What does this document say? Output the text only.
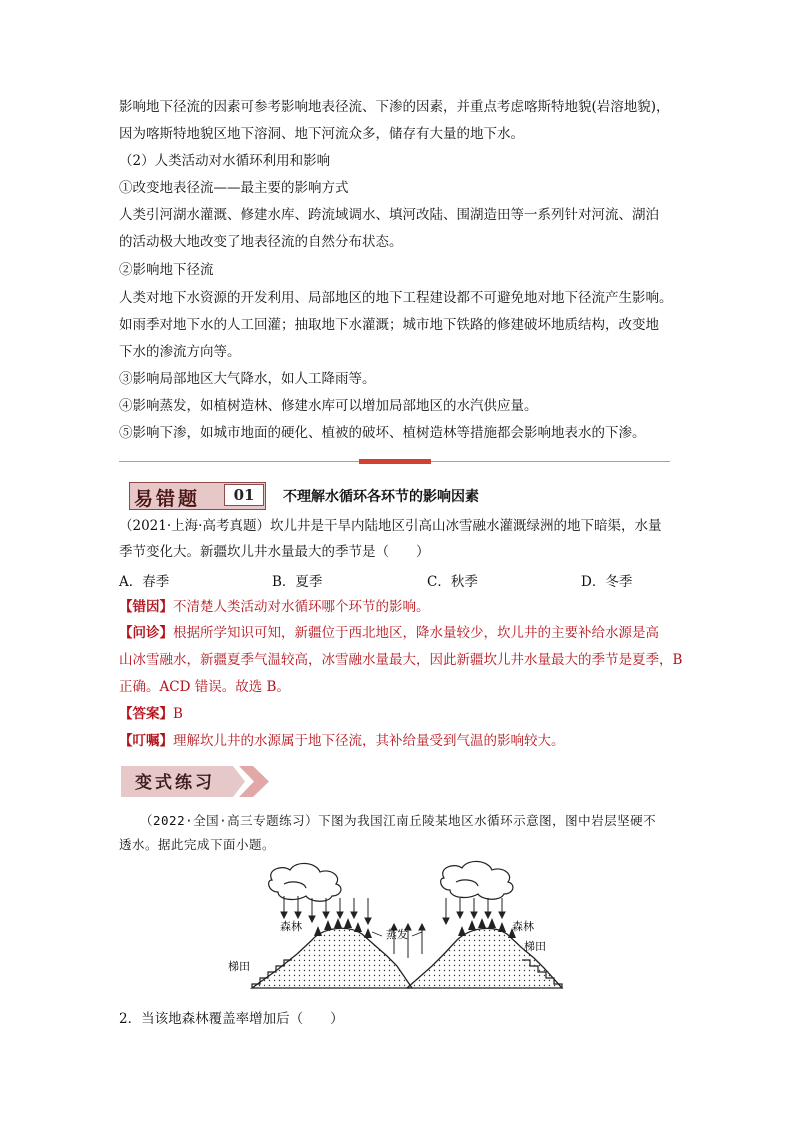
影响地下径流的因素可参考影响地表径流、下渗的因素，并重点考虑喀斯特地貌(岩溶地貌)，
因为喀斯特地貌区地下溶洞、地下河流众多，储存有大量的地下水。
（2）人类活动对水循环利用和影响
①改变地表径流——最主要的影响方式
人类引河湖水灌溉、修建水库、跨流域调水、填河改陆、围湖造田等一系列针对河流、湖泊
的活动极大地改变了地表径流的自然分布状态。
②影响地下径流
人类对地下水资源的开发利用、局部地区的地下工程建设都不可避免地对地下径流产生影响。
如雨季对地下水的人工回灌；抽取地下水灌溉；城市地下铁路的修建破坏地质结构，改变地
下水的渗流方向等。
③影响局部地区大气降水，如人工降雨等。
④影响蒸发，如植树造林、修建水库可以增加局部地区的水汽供应量。
⑤影响下渗，如城市地面的硬化、植被的破坏、植树造林等措施都会影响地表水的下渗。
易错题	01	不理解水循环各环节的影响因素
（2021·上海·高考真题）坎儿井是干旱内陆地区引高山冰雪融水灌溉绿洲的地下暗渠，水量
季节变化大。新疆坎儿井水量最大的季节是（　　）
A．春季	B．夏季	C．秋季	D．冬季
【错因】不清楚人类活动对水循环哪个环节的影响。
【问诊】根据所学知识可知，新疆位于西北地区，降水量较少，坎儿井的主要补给水源是高
山冰雪融水，新疆夏季气温较高，冰雪融水量最大，因此新疆坎儿井水量最大的季节是夏季，B
正确。ACD 错误。故选 B。
【答案】B
【叮嘱】理解坎儿井的水源属于地下径流，其补给量受到气温的影响较大。
变式练习
（2022·全国·高三专题练习）下图为我国江南丘陵某地区水循环示意图，图中岩层坚硬不
透水。据此完成下面小题。
森林	森林
梯田
梯田
蒸发
2．当该地森林覆盖率增加后（　　）
